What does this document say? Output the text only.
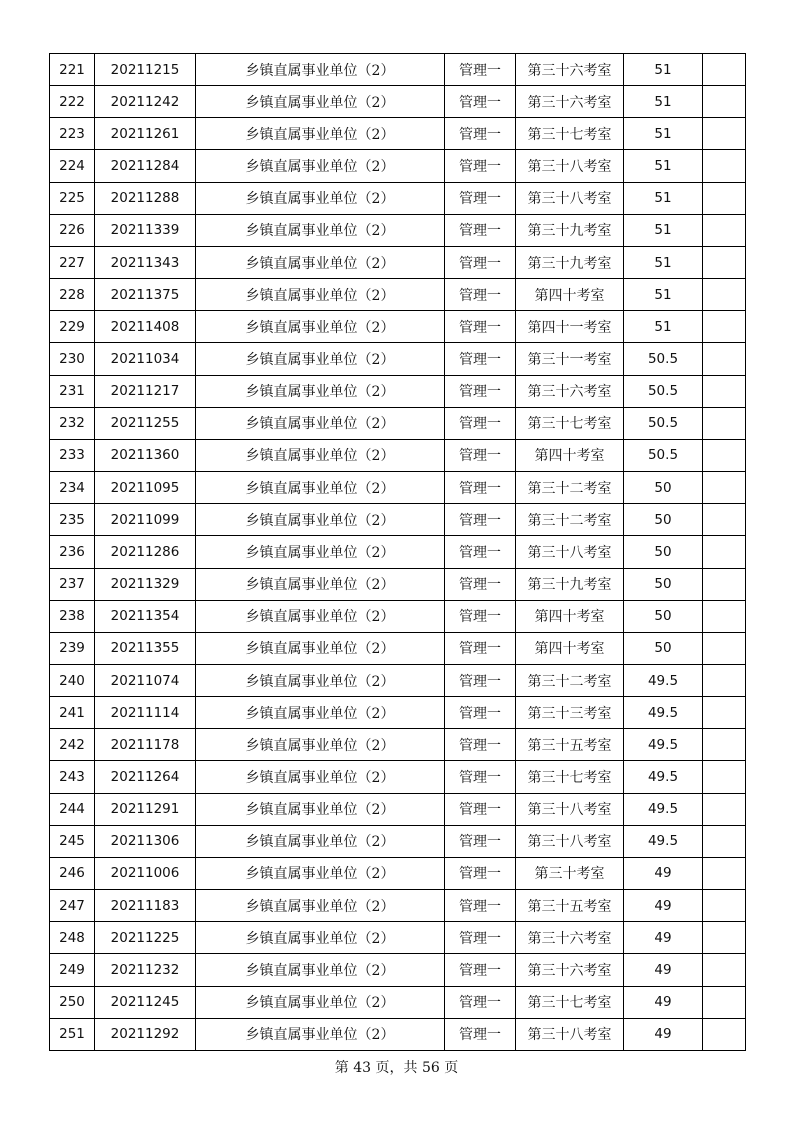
221	20211215	乡镇直属事业单位（2）	管理一	第三十六考室	51	
222	20211242	乡镇直属事业单位（2）	管理一	第三十六考室	51	
223	20211261	乡镇直属事业单位（2）	管理一	第三十七考室	51	
224	20211284	乡镇直属事业单位（2）	管理一	第三十八考室	51	
225	20211288	乡镇直属事业单位（2）	管理一	第三十八考室	51	
226	20211339	乡镇直属事业单位（2）	管理一	第三十九考室	51	
227	20211343	乡镇直属事业单位（2）	管理一	第三十九考室	51	
228	20211375	乡镇直属事业单位（2）	管理一	第四十考室	51	
229	20211408	乡镇直属事业单位（2）	管理一	第四十一考室	51	
230	20211034	乡镇直属事业单位（2）	管理一	第三十一考室	50.5	
231	20211217	乡镇直属事业单位（2）	管理一	第三十六考室	50.5	
232	20211255	乡镇直属事业单位（2）	管理一	第三十七考室	50.5	
233	20211360	乡镇直属事业单位（2）	管理一	第四十考室	50.5	
234	20211095	乡镇直属事业单位（2）	管理一	第三十二考室	50	
235	20211099	乡镇直属事业单位（2）	管理一	第三十二考室	50	
236	20211286	乡镇直属事业单位（2）	管理一	第三十八考室	50	
237	20211329	乡镇直属事业单位（2）	管理一	第三十九考室	50	
238	20211354	乡镇直属事业单位（2）	管理一	第四十考室	50	
239	20211355	乡镇直属事业单位（2）	管理一	第四十考室	50	
240	20211074	乡镇直属事业单位（2）	管理一	第三十二考室	49.5	
241	20211114	乡镇直属事业单位（2）	管理一	第三十三考室	49.5	
242	20211178	乡镇直属事业单位（2）	管理一	第三十五考室	49.5	
243	20211264	乡镇直属事业单位（2）	管理一	第三十七考室	49.5	
244	20211291	乡镇直属事业单位（2）	管理一	第三十八考室	49.5	
245	20211306	乡镇直属事业单位（2）	管理一	第三十八考室	49.5	
246	20211006	乡镇直属事业单位（2）	管理一	第三十考室	49	
247	20211183	乡镇直属事业单位（2）	管理一	第三十五考室	49	
248	20211225	乡镇直属事业单位（2）	管理一	第三十六考室	49	
249	20211232	乡镇直属事业单位（2）	管理一	第三十六考室	49	
250	20211245	乡镇直属事业单位（2）	管理一	第三十七考室	49	
251	20211292	乡镇直属事业单位（2）	管理一	第三十八考室	49	
第 43 页，共 56 页
